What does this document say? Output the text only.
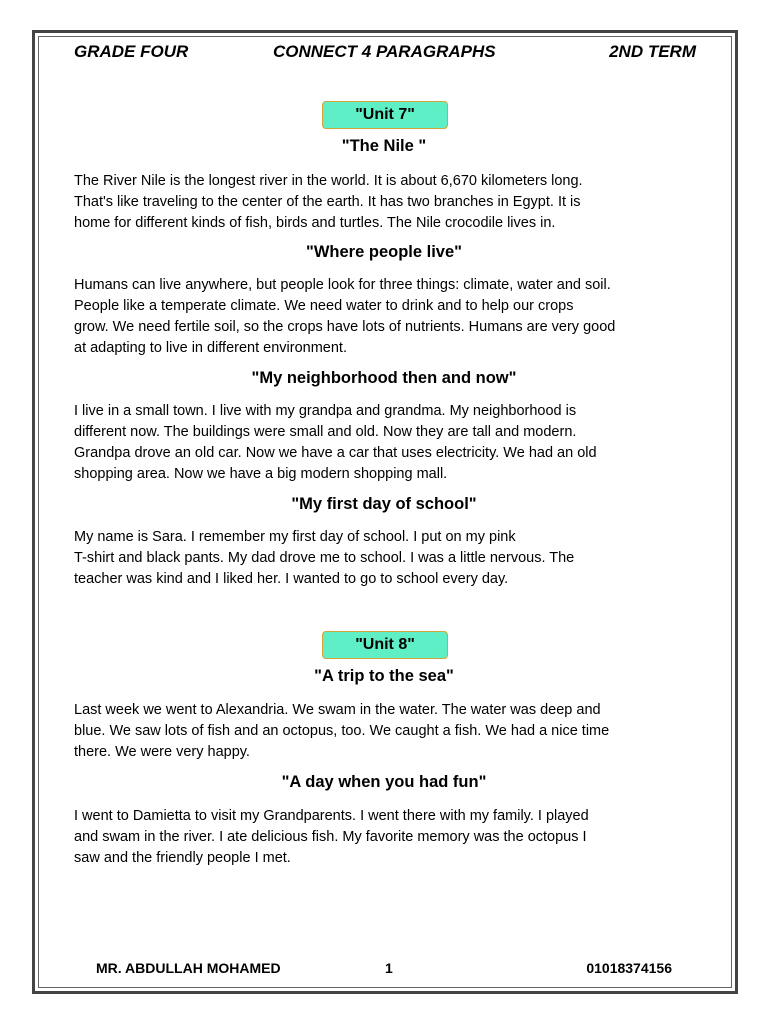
GRADE FOUR	CONNECT 4 PARAGRAPHS	2ND TERM
"Unit 7"
"The Nile "
The River Nile is the longest river in the world. It is about 6,670 kilometers long.
That's like traveling to the center of the earth. It has two branches in Egypt. It is
home for different kinds of fish, birds and turtles. The Nile crocodile lives in.
"Where people live"
Humans can live anywhere, but people look for three things: climate, water and soil.
People like a temperate climate. We need water to drink and to help our crops
grow. We need fertile soil, so the crops have lots of nutrients. Humans are very good
at adapting to live in different environment.
"My neighborhood then and now"
I live in a small town. I live with my grandpa and grandma. My neighborhood is
different now. The buildings were small and old. Now they are tall and modern.
Grandpa drove an old car. Now we have a car that uses electricity. We had an old
shopping area. Now we have a big modern shopping mall.
"My first day of school"
My name is Sara. I remember my first day of school. I put on my pink
T-shirt and black pants. My dad drove me to school. I was a little nervous. The
teacher was kind and I liked her. I wanted to go to school every day.
"Unit 8"
"A trip to the sea"
Last week we went to Alexandria. We swam in the water. The water was deep and
blue. We saw lots of fish and an octopus, too. We caught a fish. We had a nice time
there. We were very happy.
"A day when you had fun"
I went to Damietta to visit my Grandparents. I went there with my family. I played
and swam in the river. I ate delicious fish. My favorite memory was the octopus I
saw and the friendly people I met.
MR. ABDULLAH MOHAMED	1	01018374156
